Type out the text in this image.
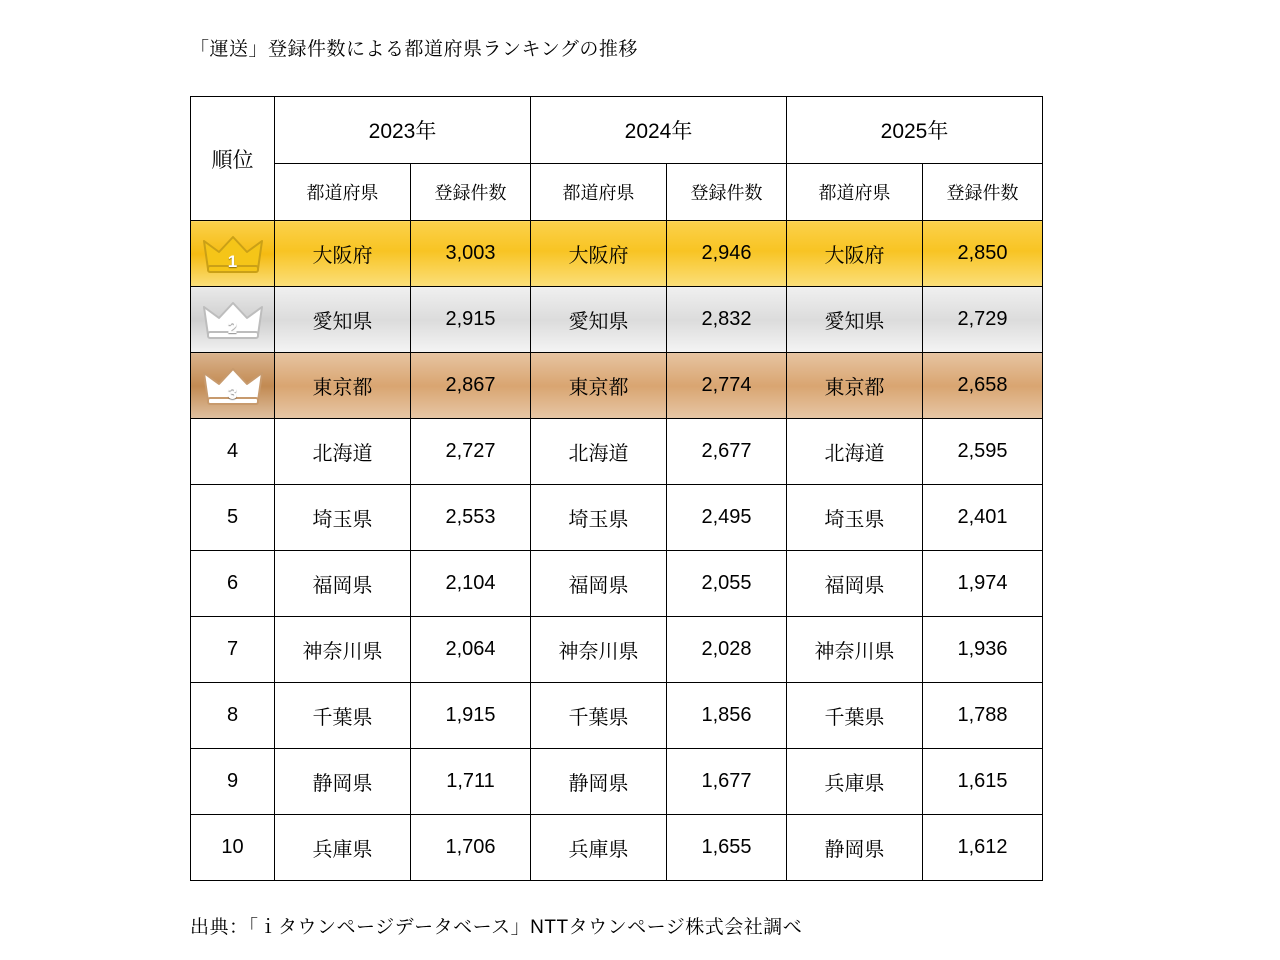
「運送」登録件数による都道府県ランキングの推移
順位	2023年		2024年		2025年	
	都道府県	登録件数	都道府県	登録件数	都道府県	登録件数

1	大阪府	3,003	大阪府	2,946	大阪府	2,850

2	愛知県	2,915	愛知県	2,832	愛知県	2,729

3	東京都	2,867	東京都	2,774	東京都	2,658
4	北海道	2,727	北海道	2,677	北海道	2,595
5	埼玉県	2,553	埼玉県	2,495	埼玉県	2,401
6	福岡県	2,104	福岡県	2,055	福岡県	1,974
7	神奈川県	2,064	神奈川県	2,028	神奈川県	1,936
8	千葉県	1,915	千葉県	1,856	千葉県	1,788
9	静岡県	1,711	静岡県	1,677	兵庫県	1,615
10	兵庫県	1,706	兵庫県	1,655	静岡県	1,612
出典：「ｉタウンページデータベース」NTTタウンページ株式会社調べ
